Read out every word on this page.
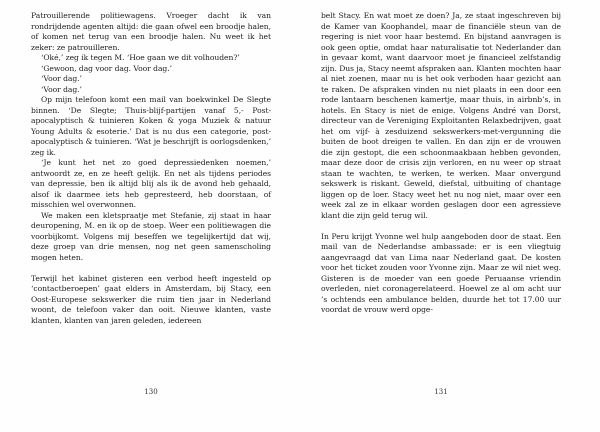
Patrouillerende politiewagens. Vroeger dacht ik van rondrijdende agenten altijd: die gaan ofwel een broodje halen, of komen net terug van een broodje halen. Nu weet ik het zeker: ze patrouilleren.

‘Oké,’ zeg ik tegen M. ‘Hoe gaan we dit volhouden?’

‘Gewoon, dag voor dag. Voor dag.’

‘Voor dag.’

‘Voor dag.’

Op mijn telefoon komt een mail van boekwinkel De Slegte binnen. ‘De Slegte; Thuis-blijf-partijen vanaf 5,- Post-apocalyptisch & tuinieren Koken & yoga Muziek & natuur Young Adults & esoterie.’ Dat is nu dus een categorie, post-apocalyptisch & tuinieren. ‘Wat je beschrijft is oorlogsdenken,’ zeg ik.

‘Je kunt het net zo goed depressiedenken noemen,’ antwoordt ze, en ze heeft gelijk. En net als tijdens periodes van depressie, ben ik altijd blij als ik de avond heb gehaald, alsof ik daarmee iets heb gepresteerd, heb doorstaan, of misschien wel overwonnen.

We maken een kletspraatje met Stefanie, zij staat in haar deuropening, M. en ik op de stoep. Weer een politiewagen die voorbijkomt. Volgens mij beseffen we tegelijkertijd dat wij, deze groep van drie mensen, nog net geen samenscholing mogen heten.

Terwijl het kabinet gisteren een verbod heeft ingesteld op ‘contactberoepen’ gaat elders in Amsterdam, bij Stacy, een Oost-Europese sekswerker die ruim tien jaar in Nederland woont, de telefoon vaker dan ooit. Nieuwe klanten, vaste klanten, klanten van jaren geleden, iedereen

130

belt Stacy. En wat moet ze doen? Ja, ze staat ingeschreven bij de Kamer van Koophandel, maar de financiële steun van de regering is niet voor haar bestemd. En bijstand aanvragen is ook geen optie, omdat haar naturalisatie tot Nederlander dan in gevaar komt, want daarvoor moet je financieel zelfstandig zijn. Dus ja, Stacy neemt afspraken aan. Klanten mochten haar al niet zoenen, maar nu is het ook verboden haar gezicht aan te raken. De afspraken vinden nu niet plaats in een door een rode lantaarn beschenen kamertje, maar thuis, in airbnb’s, in hotels. En Stacy is niet de enige. Volgens André van Dorst, directeur van de Vereniging Exploitanten Relaxbedrijven, gaat het om vijf- à zesduizend sekswerkers-met-vergunning die buiten de boot dreigen te vallen. En dan zijn er de vrouwen die zijn gestopt, die een schoonmaakbaan hebben gevonden, maar deze door de crisis zijn verloren, en nu weer op straat staan te wachten, te werken, te werken. Maar onvergund sekswerk is riskant. Geweld, diefstal, uitbuiting of chantage liggen op de loer. Stacy weet het nu nog niet, maar over een week zal ze in elkaar worden geslagen door een agressieve klant die zijn geld terug wil.

In Peru krijgt Yvonne wel hulp aangeboden door de staat. Een mail van de Nederlandse ambassade: er is een vliegtuig aangevraagd dat van Lima naar Nederland gaat. De kosten voor het ticket zouden voor Yvonne zijn. Maar ze wil niet weg. Gisteren is de moeder van een goede Peruaanse vriendin overleden, niet coronagerelateerd. Hoewel ze al om acht uur ’s ochtends een ambulance belden, duurde het tot 17.00 uur voordat de vrouw werd opge-

131
